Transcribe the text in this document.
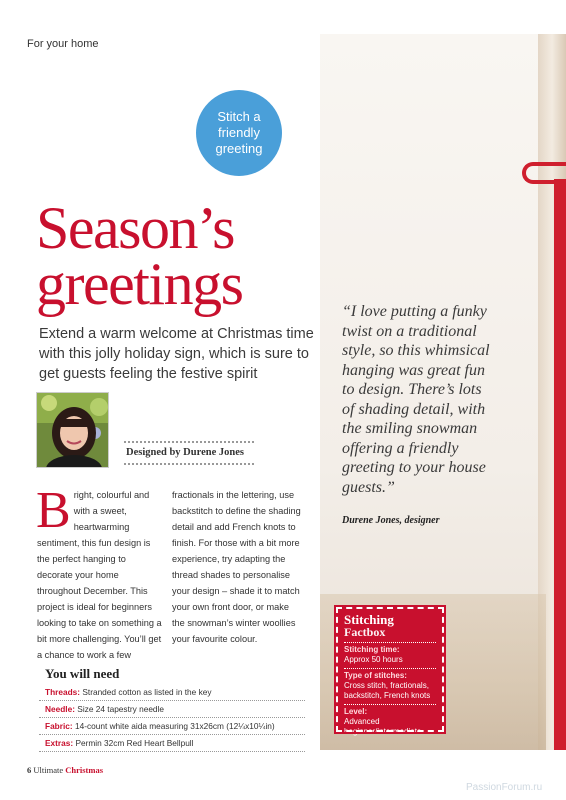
For your home
Stitch a friendly greeting
Season’s
greetings
Extend a warm welcome at Christmas time with this jolly holiday sign, which is sure to get guests feeling the festive spirit
Designed by Durene Jones
B right, colourful and with a sweet, heartwarming sentiment, this fun design is the perfect hanging to decorate your home throughout December. This project is ideal for beginners looking to take on something a bit more challenging. You’ll get a chance to work a few
fractionals in the lettering, use backstitch to define the shading detail and add French knots to finish. For those with a bit more experience, try adapting the thread shades to personalise your design – shade it to match your own front door, or make the snowman’s winter woollies your favourite colour.
You will need
Threads: Stranded cotton as listed in the key
Needle: Size 24 tapestry needle
Fabric: 14-count white aida measuring 31x26cm (12¼x10¼in)
Extras: Permin 32cm Red Heart Bellpull
“I love putting a funky twist on a traditional style, so this whimsical hanging was great fun to design. There’s lots of shading detail, with the smiling snowman offering a friendly greeting to your house guests.”
Durene Jones, designer
Stitching
Factbox
Stitching time:
Approx 50 hours
Type of stitches:
Cross stitch, fractionals, backstitch, French knots
Level:
Advanced beginner/intermediate
6 Ultimate Christmas
PassionForum.ru
